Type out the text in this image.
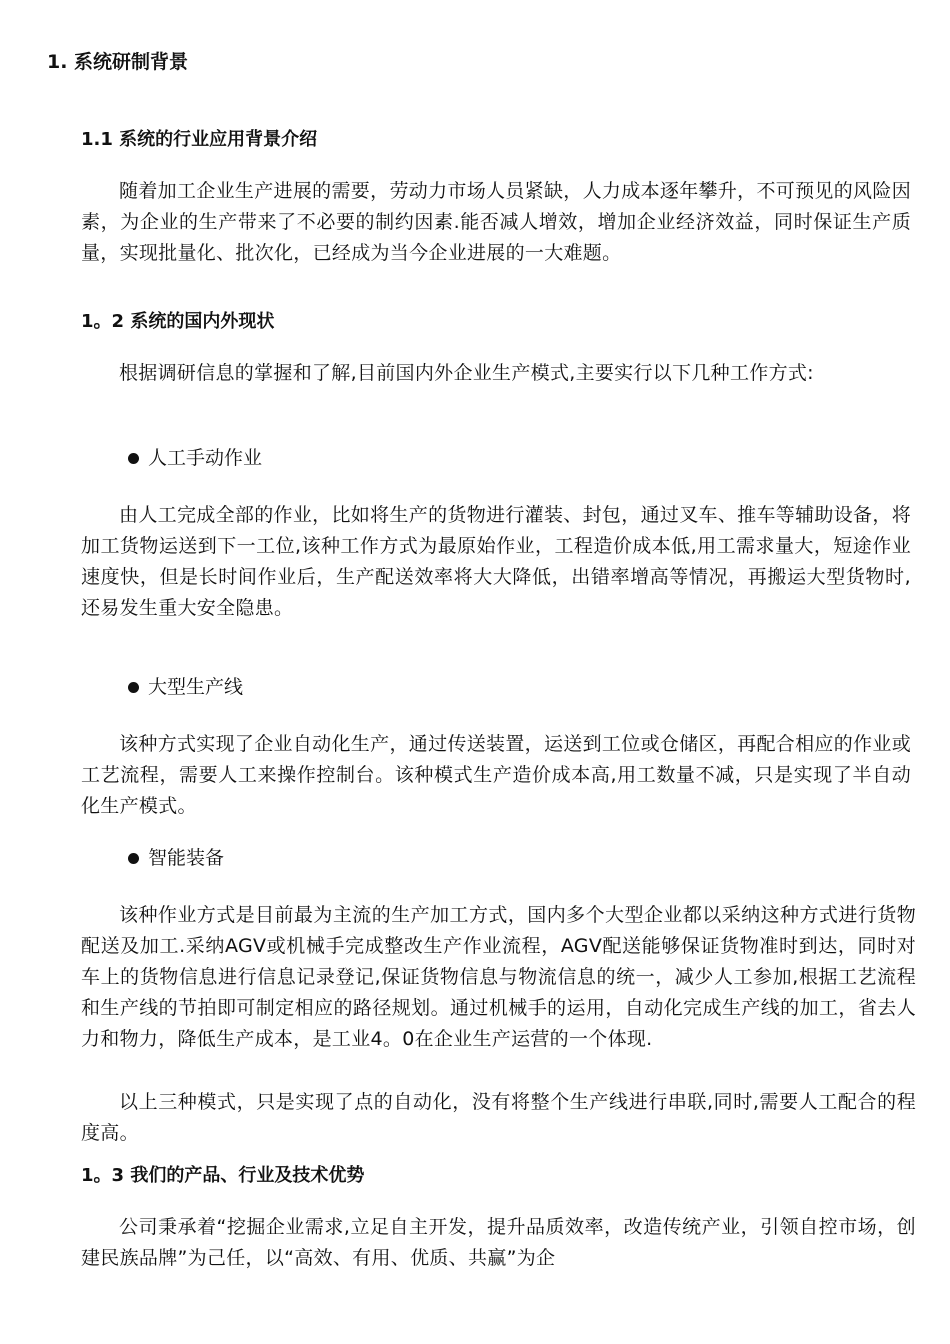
1. 系统研制背景
1.1 系统的行业应用背景介绍
随着加工企业生产进展的需要，劳动力市场人员紧缺，人力成本逐年攀升，不可预见的风险因素，为企业的生产带来了不必要的制约因素.能否减人增效，增加企业经济效益，同时保证生产质量，实现批量化、批次化，已经成为当今企业进展的一大难题。
1。2 系统的国内外现状
根据调研信息的掌握和了解,目前国内外企业生产模式,主要实行以下几种工作方式:
人工手动作业
由人工完成全部的作业，比如将生产的货物进行灌装、封包，通过叉车、推车等辅助设备，将加工货物运送到下一工位,该种工作方式为最原始作业，工程造价成本低,用工需求量大，短途作业速度快，但是长时间作业后，生产配送效率将大大降低，出错率增高等情况，再搬运大型货物时,还易发生重大安全隐患。
大型生产线
该种方式实现了企业自动化生产，通过传送装置，运送到工位或仓储区，再配合相应的作业或工艺流程，需要人工来操作控制台。该种模式生产造价成本高,用工数量不减，只是实现了半自动化生产模式。
智能装备
该种作业方式是目前最为主流的生产加工方式，国内多个大型企业都以采纳这种方式进行货物配送及加工.采纳AGV或机械手完成整改生产作业流程，AGV配送能够保证货物准时到达，同时对车上的货物信息进行信息记录登记,保证货物信息与物流信息的统一，减少人工参加,根据工艺流程和生产线的节拍即可制定相应的路径规划。通过机械手的运用，自动化完成生产线的加工，省去人力和物力，降低生产成本，是工业4。0在企业生产运营的一个体现.
以上三种模式，只是实现了点的自动化，没有将整个生产线进行串联,同时,需要人工配合的程度高。
1。3 我们的产品、行业及技术优势
公司秉承着“挖掘企业需求,立足自主开发，提升品质效率，改造传统产业，引领自控市场，创建民族品牌”为己任，以“高效、有用、优质、共赢”为企
